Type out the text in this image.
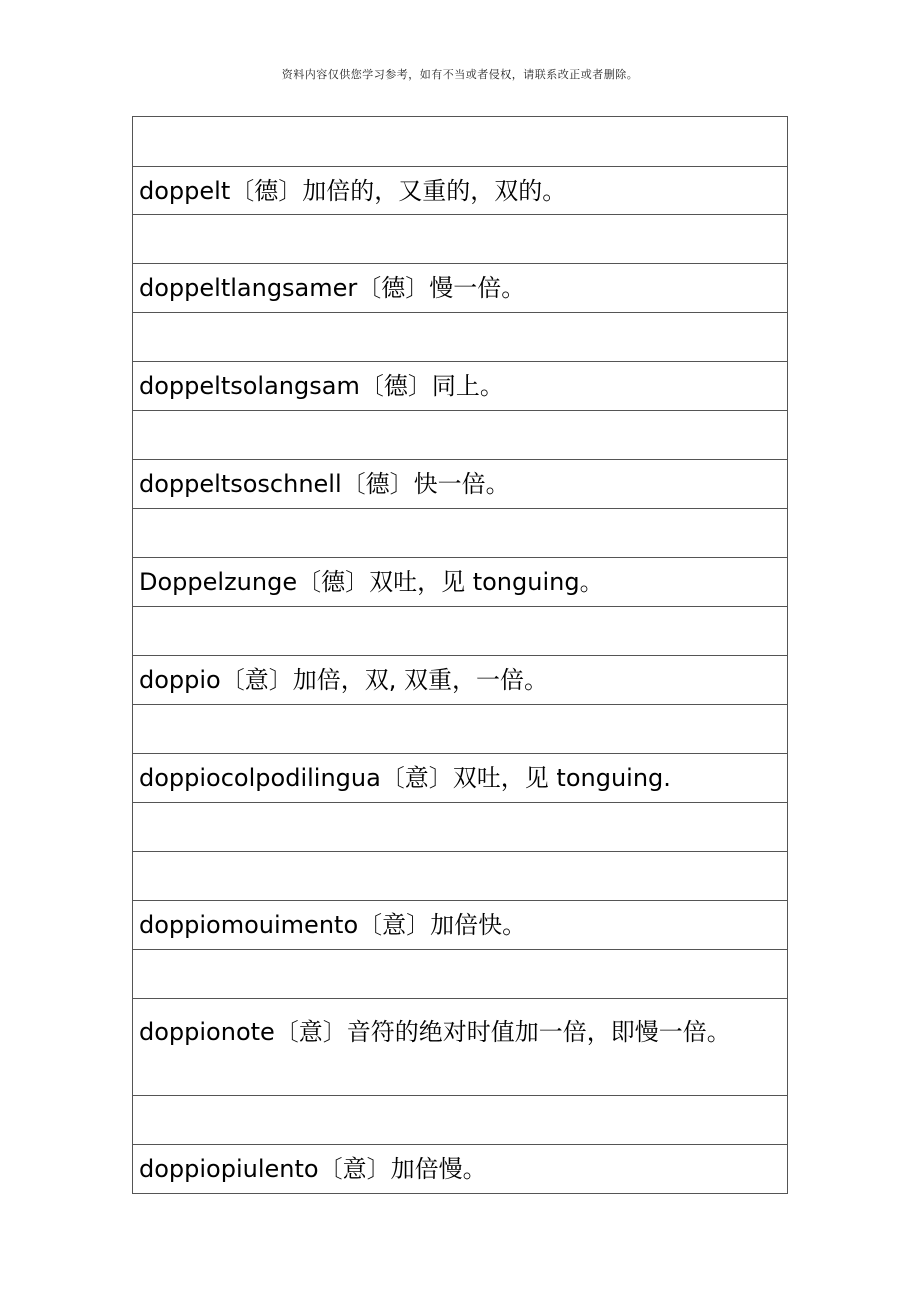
资料内容仅供您学习参考，如有不当或者侵权，请联系改正或者删除。
doppelt〔德〕加倍的，又重的，双的。
doppeltlangsamer〔德〕慢一倍。
doppeltsolangsam〔德〕同上。
doppeltsoschnell〔德〕快一倍。
Doppelzunge〔德〕双吐，见 tonguing。
doppio〔意〕加倍，双, 双重，一倍。
doppiocolpodilingua〔意〕双吐，见 tonguing.
doppiomouimento〔意〕加倍快。
doppionote〔意〕音符的绝对时值加一倍，即慢一倍。
doppiopiulento〔意〕加倍慢。
